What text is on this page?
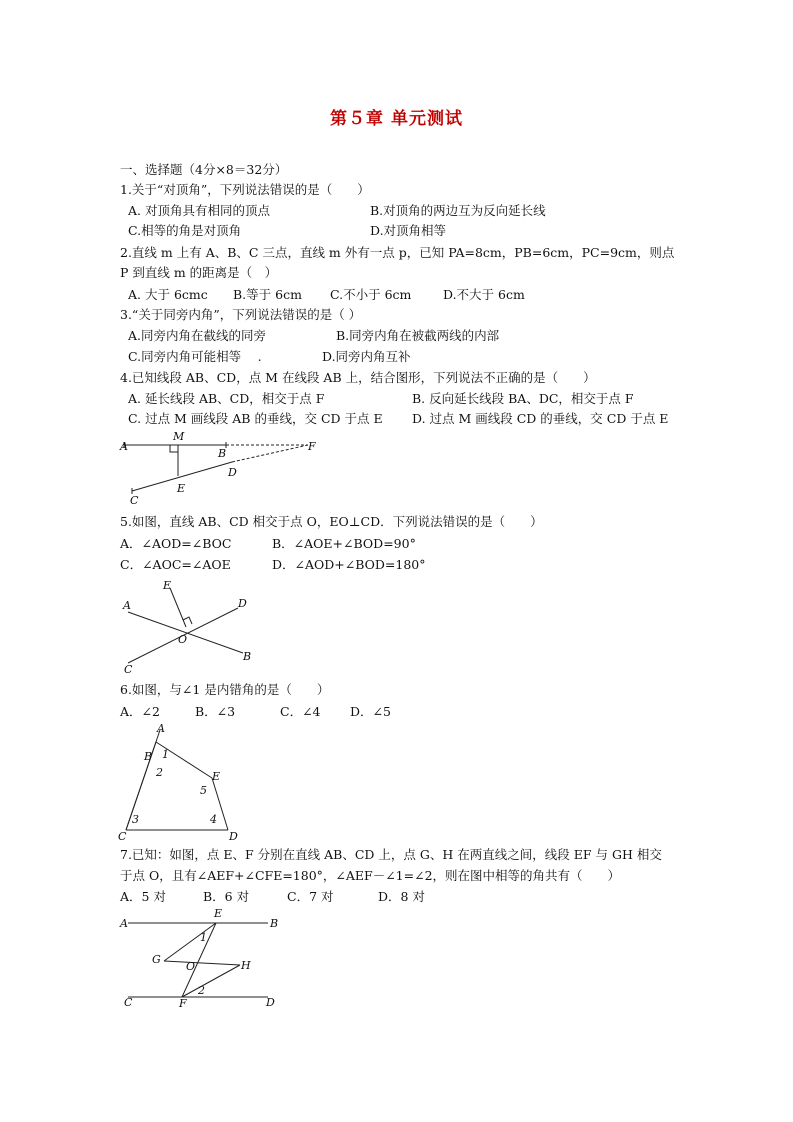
第５章 单元测试
一、选择题（4分×8＝32分）
1.关于“对顶角”，下列说法错误的是（　　）
A. 对顶角具有相同的顶点	B.对顶角的两边互为反向延长线
C.相等的角是对顶角	D.对顶角相等
2.直线 m 上有 A、B、C 三点，直线 m 外有一点 p，已知 PA=8cm，PB=6cm，PC=9cm，则点
P 到直线 m 的距离是（　）
A. 大于 6cmc B.等于 6cm C.不小于 6cm	D.不大于 6cm
3.“关于同旁内角”，下列说法错误的是（ ）
A.同旁内角在截线的同旁	B.同旁内角在被截两线的内部
C.同旁内角可能相等　 .	D.同旁内角互补
4.已知线段 AB、CD，点 M 在线段 AB 上，结合图形，下列说法不正确的是（　　）
A. 延长线段 AB、CD，相交于点 F	B. 反向延长线段 BA、DC，相交于点 F
C. 过点 M 画线段 AB 的垂线，交 CD 于点 E D. 过点 M 画线段 CD 的垂线，交 CD 于点 E
A
M
B
F
D
E
C
5.如图，直线 AB、CD 相交于点 O，EO⊥CD．下列说法错误的是（　　）
A．∠AOD=∠BOC	B．∠AOE+∠BOD=90°
C．∠AOC=∠AOE	D．∠AOD+∠BOD=180°
E
A	D
O
C
B
6.如图，与∠1 是内错角的是（　　）
A．∠2	B．∠3	C．∠4 D．∠5
A
B 1
2	E
5
C
3	4
D
7.已知：如图，点 E、F 分别在直线 AB、CD 上，点 G、H 在两直线之间，线段 EF 与 GH 相交
于点 O，且有∠AEF+∠CFE=180°，∠AEF－∠1=∠2，则在图中相等的角共有（　　）
A．5 对	B．6 对	C．7 对	D．8 对
E
A	B
1
G
O	H
2
C	F	D
